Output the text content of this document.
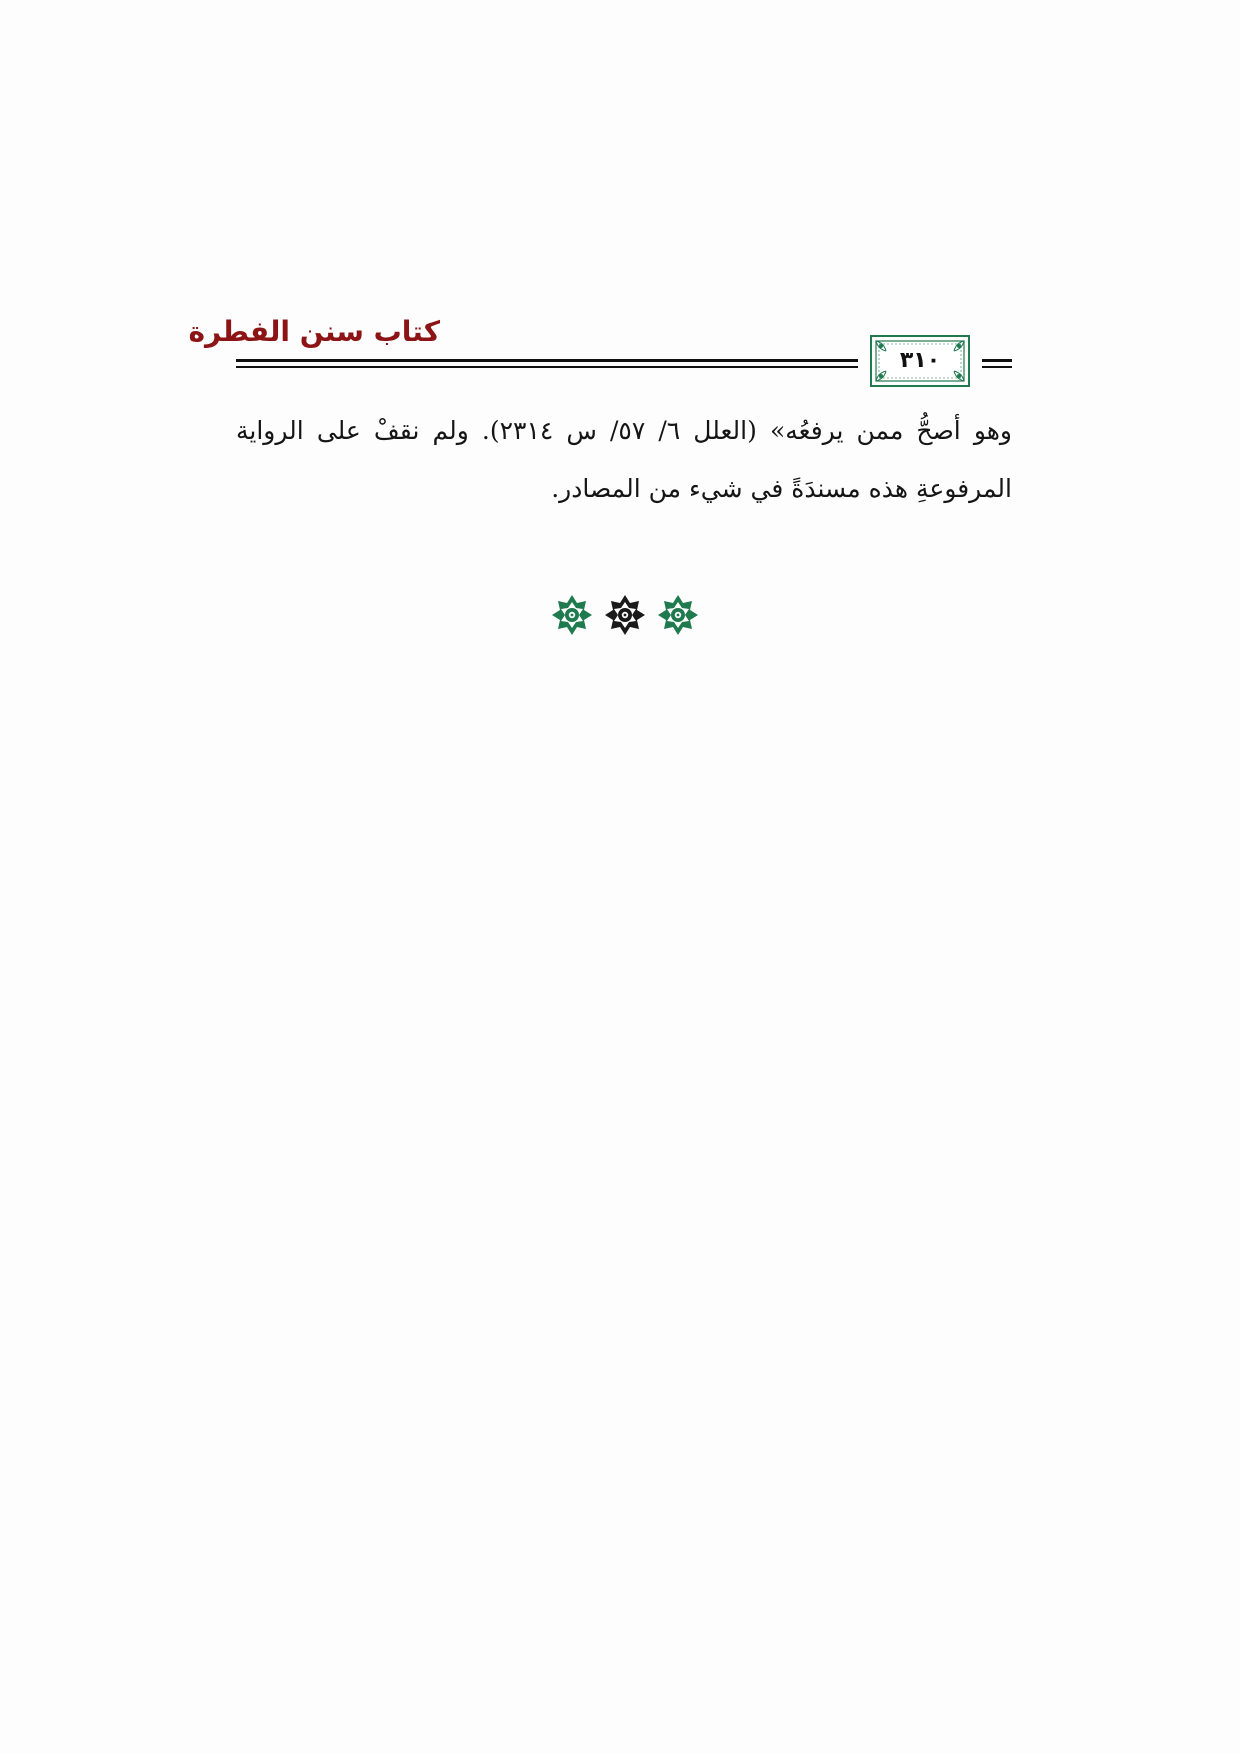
كتاب سنن الفطرة
٣١٠

وهو أصحُّ ممن يرفعُه» (العلل ٦/ ٥٧/ س ٢٣١٤). ولم نقفْ على الرواية المرفوعةِ هذه مسندَةً في شيء من المصادر.
